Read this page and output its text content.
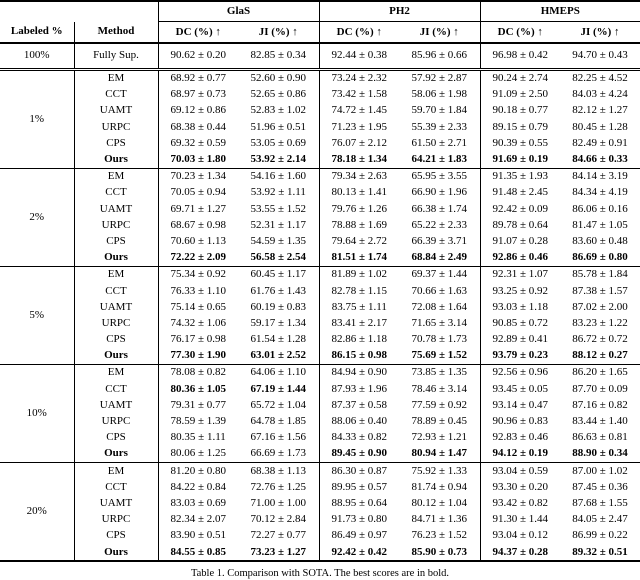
		GlaS		PH2		HMEPS	
Labeled %	Method	DC (%) ↑	JI (%) ↑	DC (%) ↑	JI (%) ↑	DC (%) ↑	JI (%) ↑
100%	Fully Sup.	90.62 ± 0.20	82.85 ± 0.34	92.44 ± 0.38	85.96 ± 0.66	96.98 ± 0.42	94.70 ± 0.43
1%	EM	68.92 ± 0.77	52.60 ± 0.90	73.24 ± 2.32	57.92 ± 2.87	90.24 ± 2.74	82.25 ± 4.52
	CCT	68.97 ± 0.73	52.65 ± 0.86	73.42 ± 1.58	58.06 ± 1.98	91.09 ± 2.50	84.03 ± 4.24
	UAMT	69.12 ± 0.86	52.83 ± 1.02	74.72 ± 1.45	59.70 ± 1.84	90.18 ± 0.77	82.12 ± 1.27
	URPC	68.38 ± 0.44	51.96 ± 0.51	71.23 ± 1.95	55.39 ± 2.33	89.15 ± 0.79	80.45 ± 1.28
	CPS	69.32 ± 0.59	53.05 ± 0.69	76.07 ± 2.12	61.50 ± 2.71	90.39 ± 0.55	82.49 ± 0.91
	Ours	70.03 ± 1.80	53.92 ± 2.14	78.18 ± 1.34	64.21 ± 1.83	91.69 ± 0.19	84.66 ± 0.33
2%	EM	70.23 ± 1.34	54.16 ± 1.60	79.34 ± 2.63	65.95 ± 3.55	91.35 ± 1.93	84.14 ± 3.19
	CCT	70.05 ± 0.94	53.92 ± 1.11	80.13 ± 1.41	66.90 ± 1.96	91.48 ± 2.45	84.34 ± 4.19
	UAMT	69.71 ± 1.27	53.55 ± 1.52	79.76 ± 1.26	66.38 ± 1.74	92.42 ± 0.09	86.06 ± 0.16
	URPC	68.67 ± 0.98	52.31 ± 1.17	78.88 ± 1.69	65.22 ± 2.33	89.78 ± 0.64	81.47 ± 1.05
	CPS	70.60 ± 1.13	54.59 ± 1.35	79.64 ± 2.72	66.39 ± 3.71	91.07 ± 0.28	83.60 ± 0.48
	Ours	72.22 ± 2.09	56.58 ± 2.54	81.51 ± 1.74	68.84 ± 2.49	92.86 ± 0.46	86.69 ± 0.80
5%	EM	75.34 ± 0.92	60.45 ± 1.17	81.89 ± 1.02	69.37 ± 1.44	92.31 ± 1.07	85.78 ± 1.84
	CCT	76.33 ± 1.10	61.76 ± 1.43	82.78 ± 1.15	70.66 ± 1.63	93.25 ± 0.92	87.38 ± 1.57
	UAMT	75.14 ± 0.65	60.19 ± 0.83	83.75 ± 1.11	72.08 ± 1.64	93.03 ± 1.18	87.02 ± 2.00
	URPC	74.32 ± 1.06	59.17 ± 1.34	83.41 ± 2.17	71.65 ± 3.14	90.85 ± 0.72	83.23 ± 1.22
	CPS	76.17 ± 0.98	61.54 ± 1.28	82.86 ± 1.18	70.78 ± 1.73	92.89 ± 0.41	86.72 ± 0.72
	Ours	77.30 ± 1.90	63.01 ± 2.52	86.15 ± 0.98	75.69 ± 1.52	93.79 ± 0.23	88.12 ± 0.27
10%	EM	78.08 ± 0.82	64.06 ± 1.10	84.94 ± 0.90	73.85 ± 1.35	92.56 ± 0.96	86.20 ± 1.65
	CCT	80.36 ± 1.05	67.19 ± 1.44	87.93 ± 1.96	78.46 ± 3.14	93.45 ± 0.05	87.70 ± 0.09
	UAMT	79.31 ± 0.77	65.72 ± 1.04	87.37 ± 0.58	77.59 ± 0.92	93.14 ± 0.47	87.16 ± 0.82
	URPC	78.59 ± 1.39	64.78 ± 1.85	88.06 ± 0.40	78.89 ± 0.45	90.96 ± 0.83	83.44 ± 1.40
	CPS	80.35 ± 1.11	67.16 ± 1.56	84.33 ± 0.82	72.93 ± 1.21	92.83 ± 0.46	86.63 ± 0.81
	Ours	80.06 ± 1.25	66.69 ± 1.73	89.45 ± 0.90	80.94 ± 1.47	94.12 ± 0.19	88.90 ± 0.34
20%	EM	81.20 ± 0.80	68.38 ± 1.13	86.30 ± 0.87	75.92 ± 1.33	93.04 ± 0.59	87.00 ± 1.02
	CCT	84.22 ± 0.84	72.76 ± 1.25	89.95 ± 0.57	81.74 ± 0.94	93.30 ± 0.20	87.45 ± 0.36
	UAMT	83.03 ± 0.69	71.00 ± 1.00	88.95 ± 0.64	80.12 ± 1.04	93.42 ± 0.82	87.68 ± 1.55
	URPC	82.34 ± 2.07	70.12 ± 2.84	91.73 ± 0.80	84.71 ± 1.36	91.30 ± 1.44	84.05 ± 2.47
	CPS	83.90 ± 0.51	72.27 ± 0.77	86.49 ± 0.97	76.23 ± 1.52	93.04 ± 0.12	86.99 ± 0.22
	Ours	84.55 ± 0.85	73.23 ± 1.27	92.42 ± 0.42	85.90 ± 0.73	94.37 ± 0.28	89.32 ± 0.51
Table 1. Comparison with SOTA. The best scores are in bold.
